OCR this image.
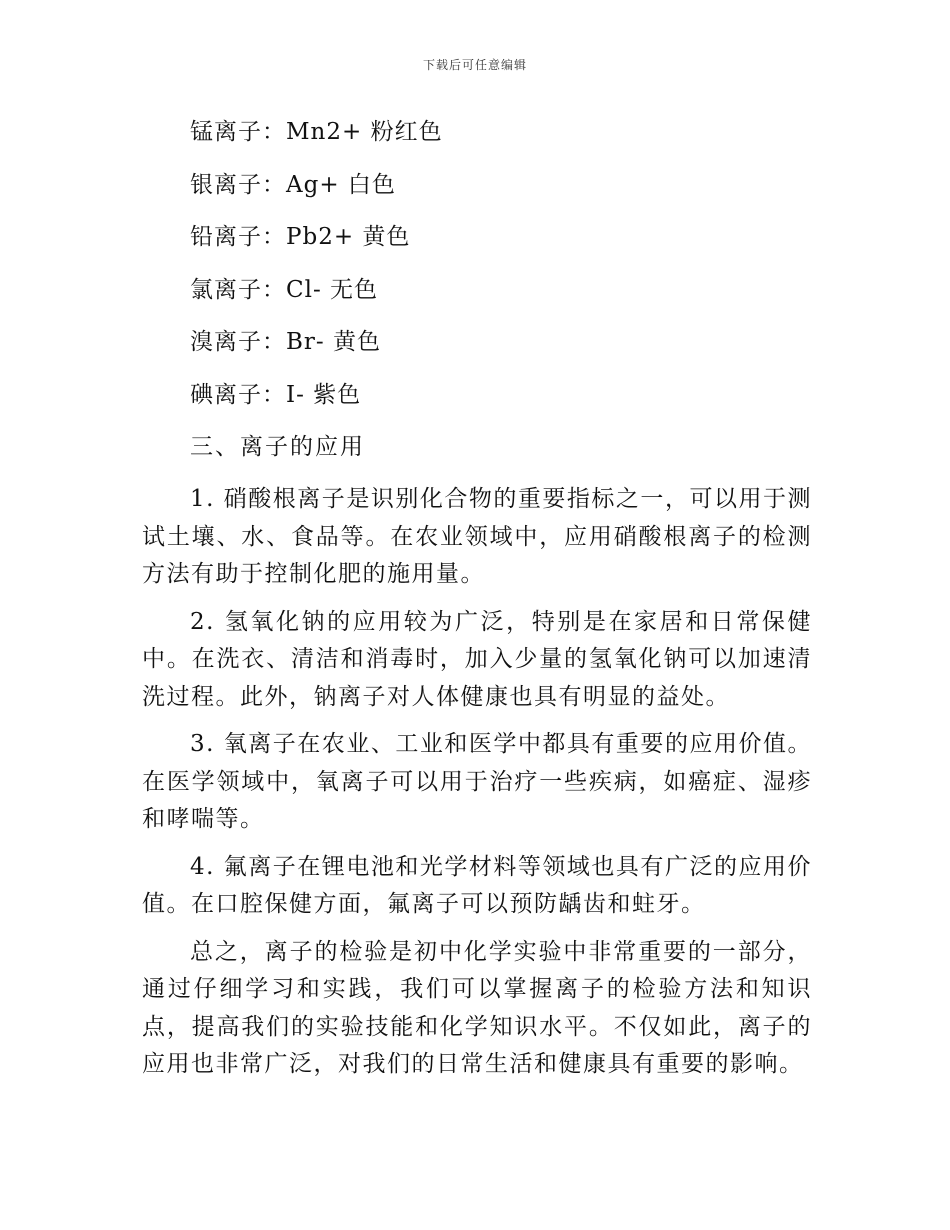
下载后可任意编辑
锰离子：Mn2+ 粉红色
银离子：Ag+ 白色
铅离子：Pb2+ 黄色
氯离子：Cl- 无色
溴离子：Br- 黄色
碘离子：I- 紫色
三、离子的应用

1. 硝酸根离子是识别化合物的重要指标之一，可以用于测试土壤、水、食品等。在农业领域中，应用硝酸根离子的检测方法有助于控制化肥的施用量。

2. 氢氧化钠的应用较为广泛，特别是在家居和日常保健中。在洗衣、清洁和消毒时，加入少量的氢氧化钠可以加速清洗过程。此外，钠离子对人体健康也具有明显的益处。

3. 氧离子在农业、工业和医学中都具有重要的应用价值。在医学领域中，氧离子可以用于治疗一些疾病，如癌症、湿疹和哮喘等。

4. 氟离子在锂电池和光学材料等领域也具有广泛的应用价值。在口腔保健方面，氟离子可以预防龋齿和蛀牙。

总之，离子的检验是初中化学实验中非常重要的一部分，通过仔细学习和实践，我们可以掌握离子的检验方法和知识点，提高我们的实验技能和化学知识水平。不仅如此，离子的应用也非常广泛，对我们的日常生活和健康具有重要的影响。
